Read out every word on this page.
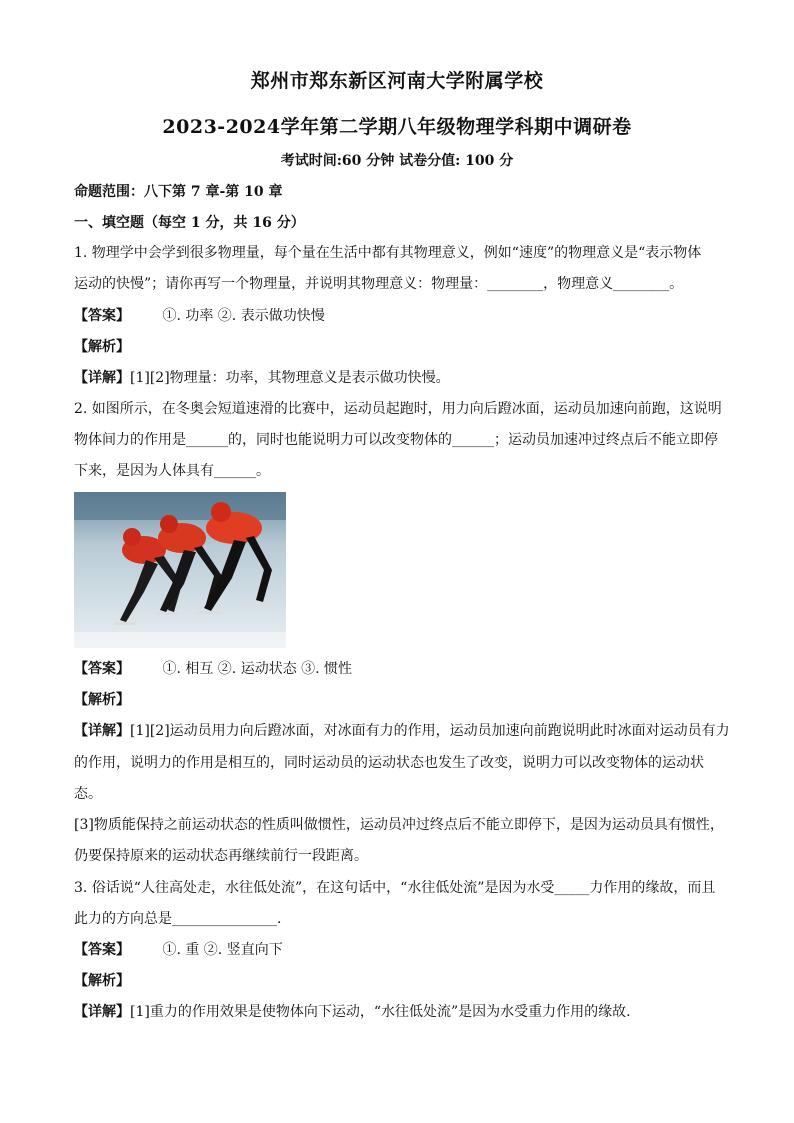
郑州市郑东新区河南大学附属学校
2023-2024学年第二学期八年级物理学科期中调研卷
考试时间:60 分钟 试卷分值: 100 分
命题范围：八下第 7 章-第 10 章
一、填空题（每空 1 分，共 16 分）
1. 物理学中会学到很多物理量，每个量在生活中都有其物理意义，例如“速度”的物理意义是“表示物体
运动的快慢”；请你再写一个物理量，并说明其物理意义：物理量：________，物理意义________。
【答案】 ①. 功率 ②. 表示做功快慢
【解析】
【详解】[1][2]物理量：功率，其物理意义是表示做功快慢。
2. 如图所示，在冬奥会短道速滑的比赛中，运动员起跑时，用力向后蹬冰面，运动员加速向前跑，这说明
物体间力的作用是______的，同时也能说明力可以改变物体的______；运动员加速冲过终点后不能立即停
下来，是因为人体具有______。
【答案】 ①. 相互 ②. 运动状态 ③. 惯性
【解析】
【详解】[1][2]运动员用力向后蹬冰面，对冰面有力的作用，运动员加速向前跑说明此时冰面对运动员有力
的作用，说明力的作用是相互的，同时运动员的运动状态也发生了改变，说明力可以改变物体的运动状
态。
[3]物质能保持之前运动状态的性质叫做惯性，运动员冲过终点后不能立即停下，是因为运动员具有惯性，
仍要保持原来的运动状态再继续前行一段距离。
3. 俗话说“人往高处走，水往低处流”，在这句话中，“水往低处流”是因为水受_____力作用的缘故，而且
此力的方向总是_______________.
【答案】 ①. 重 ②. 竖直向下
【解析】
【详解】[1]重力的作用效果是使物体向下运动，“水往低处流”是因为水受重力作用的缘故.
